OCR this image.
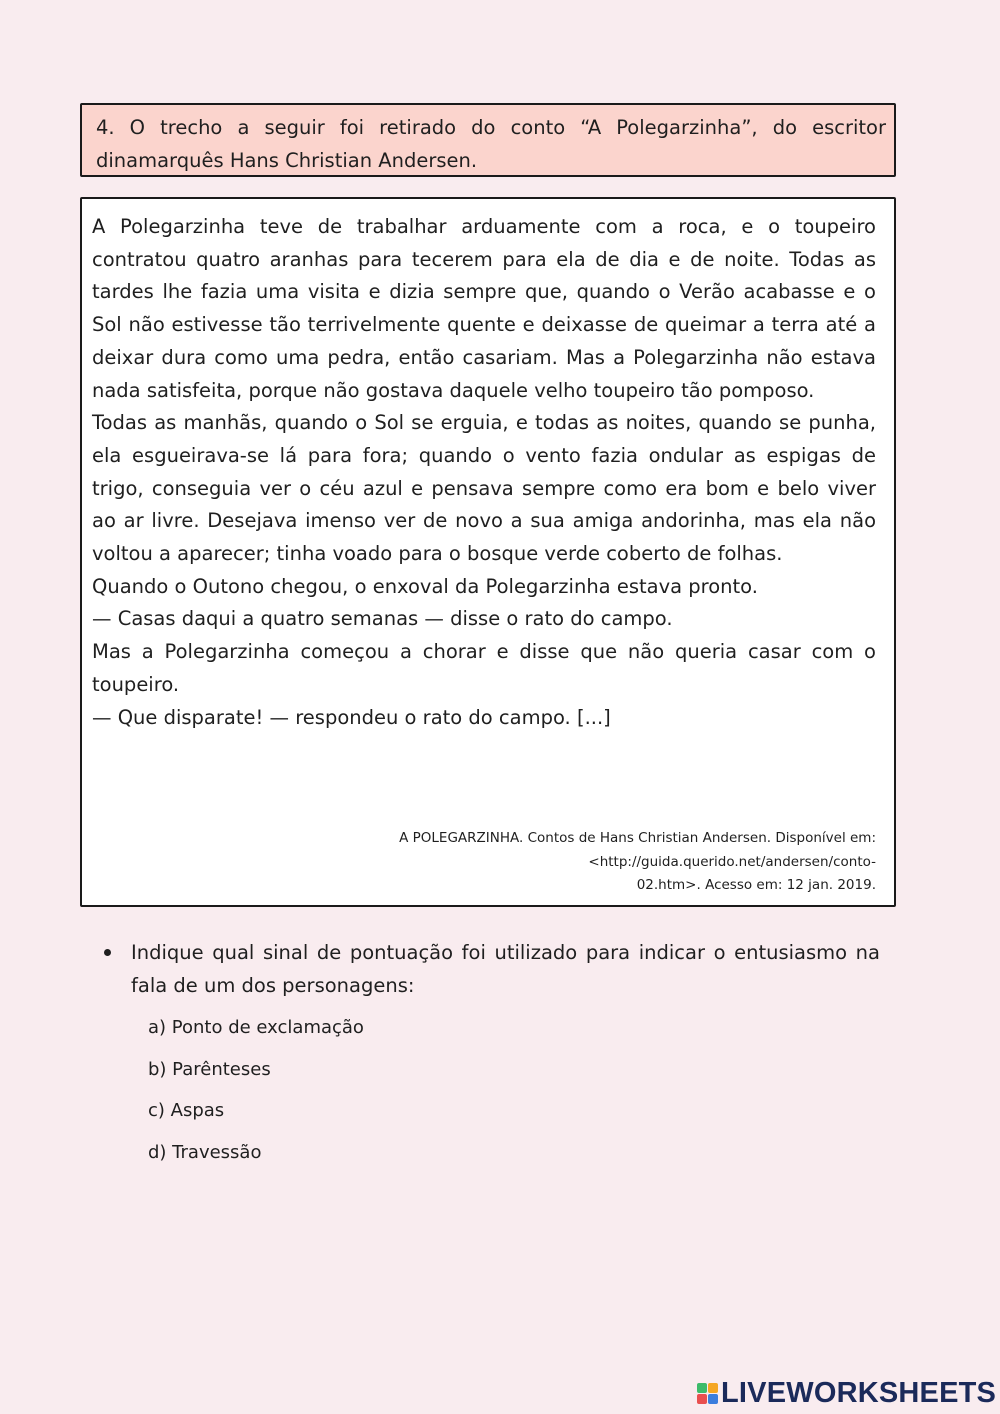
4. O trecho a seguir foi retirado do conto “A Polegarzinha”, do escritor dinamarquês Hans Christian Andersen.

A Polegarzinha teve de trabalhar arduamente com a roca, e o toupeiro contratou quatro aranhas para tecerem para ela de dia e de noite. Todas as tardes lhe fazia uma visita e dizia sempre que, quando o Verão acabasse e o Sol não estivesse tão terrivelmente quente e deixasse de queimar a terra até a deixar dura como uma pedra, então casariam. Mas a Polegarzinha não estava nada satisfeita, porque não gostava daquele velho toupeiro tão pomposo.

Todas as manhãs, quando o Sol se erguia, e todas as noites, quando se punha, ela esgueirava-se lá para fora; quando o vento fazia ondular as espigas de trigo, conseguia ver o céu azul e pensava sempre como era bom e belo viver ao ar livre. Desejava imenso ver de novo a sua amiga andorinha, mas ela não voltou a aparecer; tinha voado para o bosque verde coberto de folhas.

Quando o Outono chegou, o enxoval da Polegarzinha estava pronto.

— Casas daqui a quatro semanas — disse o rato do campo.

Mas a Polegarzinha começou a chorar e disse que não queria casar com o toupeiro.

— Que disparate! — respondeu o rato do campo. [...]

A POLEGARZINHA. Contos de Hans Christian Andersen. Disponível em:
<http://guida.querido.net/andersen/conto-
02.htm>. Acesso em: 12 jan. 2019.

Indique qual sinal de pontuação foi utilizado para indicar o entusiasmo na fala de um dos personagens:

a) Ponto de exclamação
b) Parênteses
c) Aspas
d) Travessão
LIVEWORKSHEETS
